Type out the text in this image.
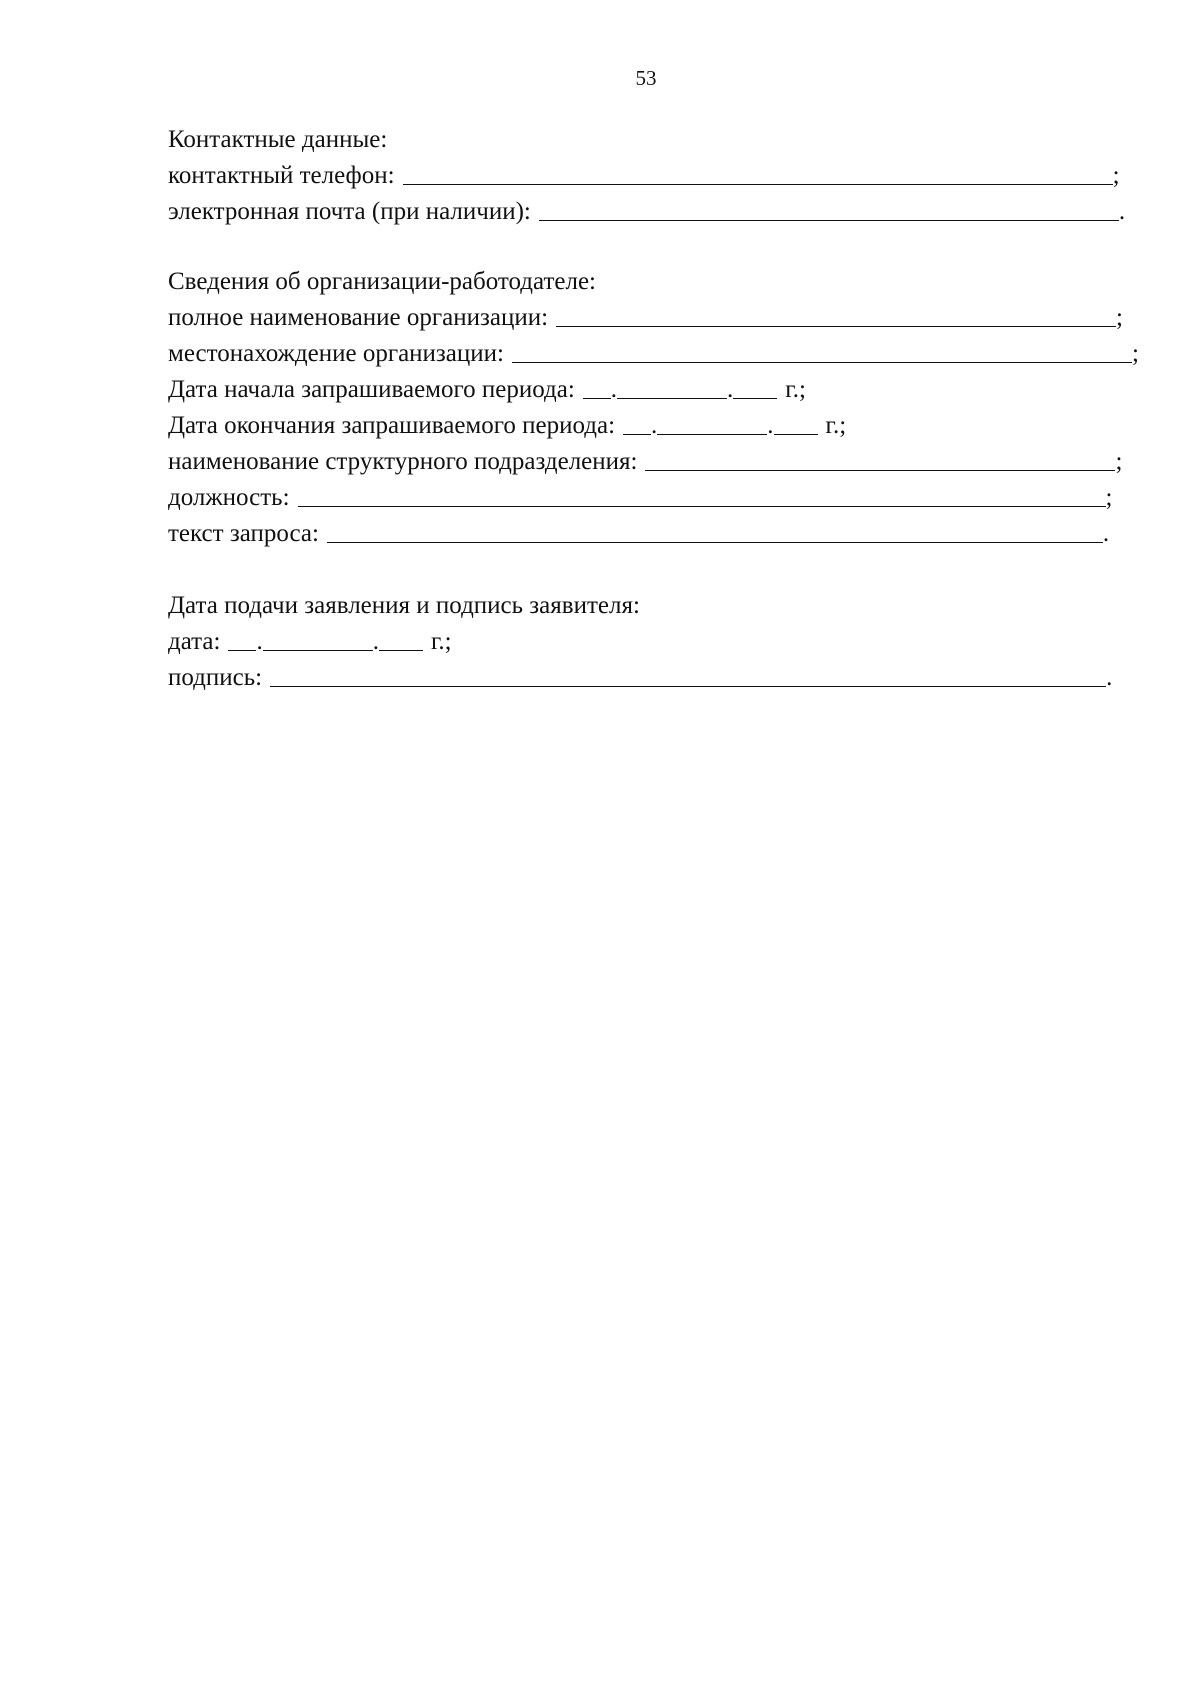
53
Контактные данные:
контактный телефон:	;
электронная почта (при наличии):	.
Сведения об организации-работодателе:
полное наименование организации:	;
местонахождение организации:	;
Дата начала запрашиваемого периода: .	. г.;
Дата окончания запрашиваемого периода: .	. г.;
наименование структурного подразделения:	;
должность:	;
текст запроса:	.
Дата подачи заявления и подпись заявителя:
дата: .	. г.;
подпись:	.
